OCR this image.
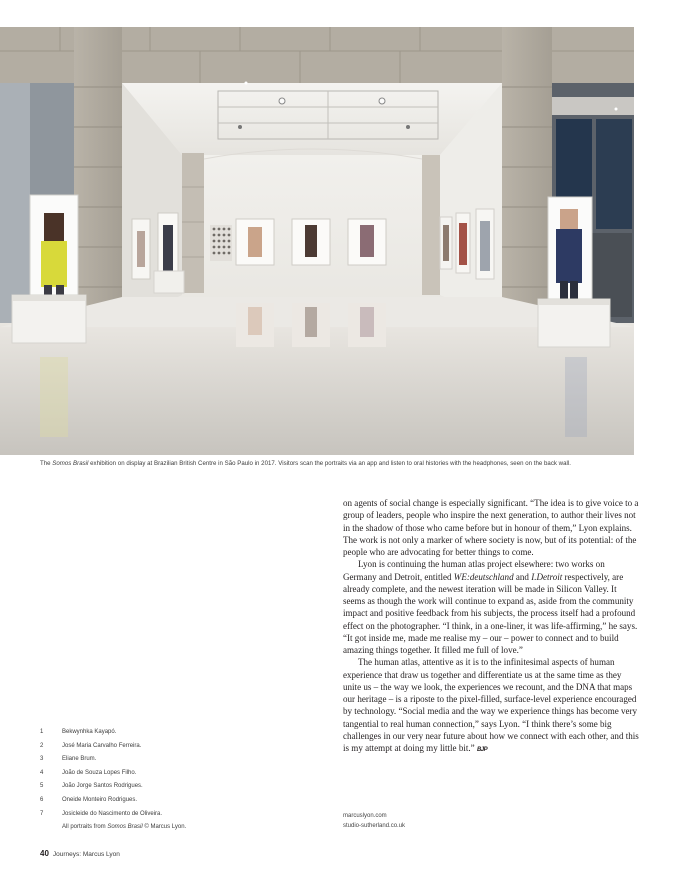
The Somos Brasil exhibition on display at Brazilian British Centre in São Paulo in 2017. Visitors scan the portraits via an app and listen to oral histories with the headphones, seen on the back wall.

on agents of social change is especially significant. “The idea is to give voice to a group of leaders, people who inspire the next generation, to author their lives not in the shadow of those who came before but in honour of them,” Lyon explains. The work is not only a marker of where society is now, but of its potential: of the people who are advocating for better things to come.

Lyon is continuing the human atlas project elsewhere: two works on Germany and Detroit, entitled WE:deutschland and I.Detroit respectively, are already complete, and the newest iteration will be made in Silicon Valley. It seems as though the work will continue to expand as, aside from the community impact and positive feedback from his subjects, the process itself had a profound effect on the photographer. “I think, in a one-liner, it was life-affirming,” he says. “It got inside me, made me realise my – our – power to connect and to build amazing things together. It filled me full of love.”

The human atlas, attentive as it is to the infinitesimal aspects of human experience that draw us together and differentiate us at the same time as they unite us – the way we look, the experiences we recount, and the DNA that maps our heritage – is a riposte to the pixel-filled, surface-level experience encouraged by technology. “Social media and the way we experience things has become very tangential to real human connection,” says Lyon. “I think there’s some big challenges in our very near future about how we connect with each other, and this is my attempt at doing my little bit.” BJP

marcuslyon.com
studio-sutherland.co.uk
1	Bekwynhka Kayapó.
2	José Maria Carvalho Ferreira.
3	Eliane Brum.
4	João de Souza Lopes Filho.
5	João Jorge Santos Rodrigues.
6	Oneide Monteiro Rodrigues.
7	Josicleide do Nascimento de Oliveira.
All portraits from Somos Brasil © Marcus Lyon.
40 Journeys: Marcus Lyon
